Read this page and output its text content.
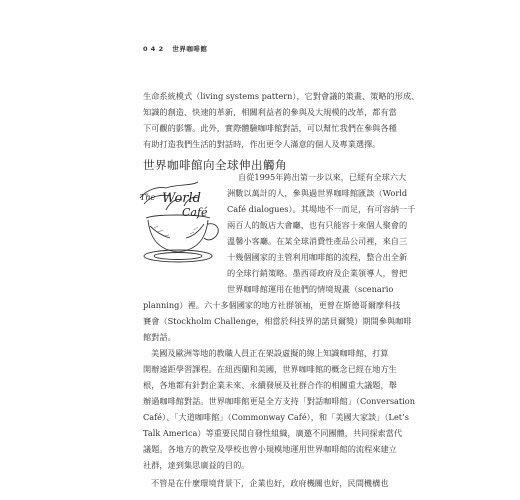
0 4 2 世界咖啡館
生命系統模式（living systems pattern），它對會議的策畫、策略的形成、
知識的創造、快速的革新，相關利益者的參與及大規模的改革，都有當
下可觀的影響。此外，實際體驗咖啡館對話，可以幫忙我們在參與各種
有助打造我們生活的對話時，作出更令人滿意的個人及專業選擇。
世界咖啡館向全球伸出觸角
The World
Café
自從1995年跨出第一步以來，已經有全球六大
洲數以萬計的人，參與過世界咖啡館匯談（World
Café dialogues）。其場地不一而足，有可容納一千
兩百人的飯店大會廳，也有只能容十來個人聚會的
溫馨小客廳。在某全球消費性產品公司裡，來自三
十幾個國家的主管利用咖啡館的流程，整合出全新
的全球行銷策略。墨西哥政府及企業領導人，曾把
世界咖啡館運用在他們的情境規畫（scenario
planning）裡。六十多個國家的地方社群領袖，更曾在斯德哥爾摩科技
賽會（Stockholm Challenge，相當於科技界的諾貝爾獎）期間參與咖啡
館對話。
美國及歐洲等地的教職人員正在架設虛擬的線上知識咖啡館，打算
開辦遠距學習課程。在紐西蘭和美國，世界咖啡館的概念已經在地方生
根，各地都有針對企業未來、永續發展及社群合作的相關重大議題，舉
辦過咖啡館對話。世界咖啡館更是全方支持「對話咖啡館」（Conversation
Café）、「大道咖啡館」（Commonway Café），和「美國大家談」（Let’s
Talk America）等重要民間自發性組織，廣邀不同團體，共同探索當代
議題。各地方的教堂及學校也曾小規模地運用世界咖啡館的流程來建立
社群，達到集思廣益的目的。
不管是在什麼環境背景下，企業也好，政府機關也好，民間機構也
